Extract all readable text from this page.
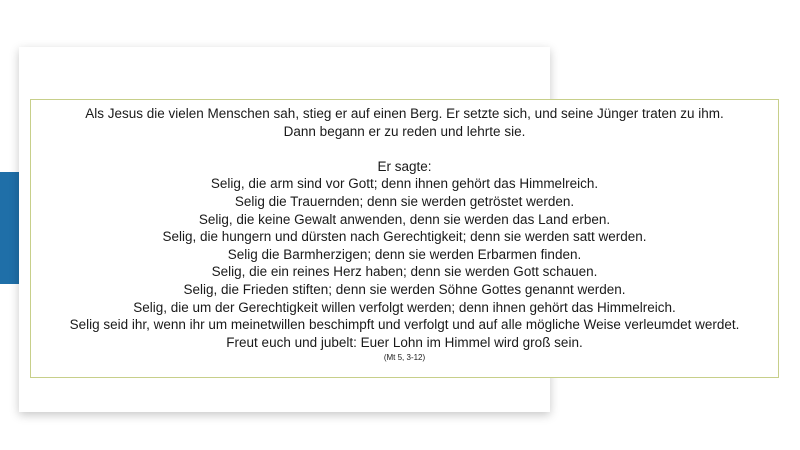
Als Jesus die vielen Menschen sah, stieg er auf einen Berg. Er setzte sich, und seine Jünger traten zu ihm.
Dann begann er zu reden und lehrte sie.
Er sagte:
Selig, die arm sind vor Gott; denn ihnen gehört das Himmelreich.
Selig die Trauernden; denn sie werden getröstet werden.
Selig, die keine Gewalt anwenden, denn sie werden das Land erben.
Selig, die hungern und dürsten nach Gerechtigkeit; denn sie werden satt werden.
Selig die Barmherzigen; denn sie werden Erbarmen finden.
Selig, die ein reines Herz haben; denn sie werden Gott schauen.
Selig, die Frieden stiften; denn sie werden Söhne Gottes genannt werden.
Selig, die um der Gerechtigkeit willen verfolgt werden; denn ihnen gehört das Himmelreich.
Selig seid ihr, wenn ihr um meinetwillen beschimpft und verfolgt und auf alle mögliche Weise verleumdet werdet.
Freut euch und jubelt: Euer Lohn im Himmel wird groß sein.
(Mt 5, 3-12)
